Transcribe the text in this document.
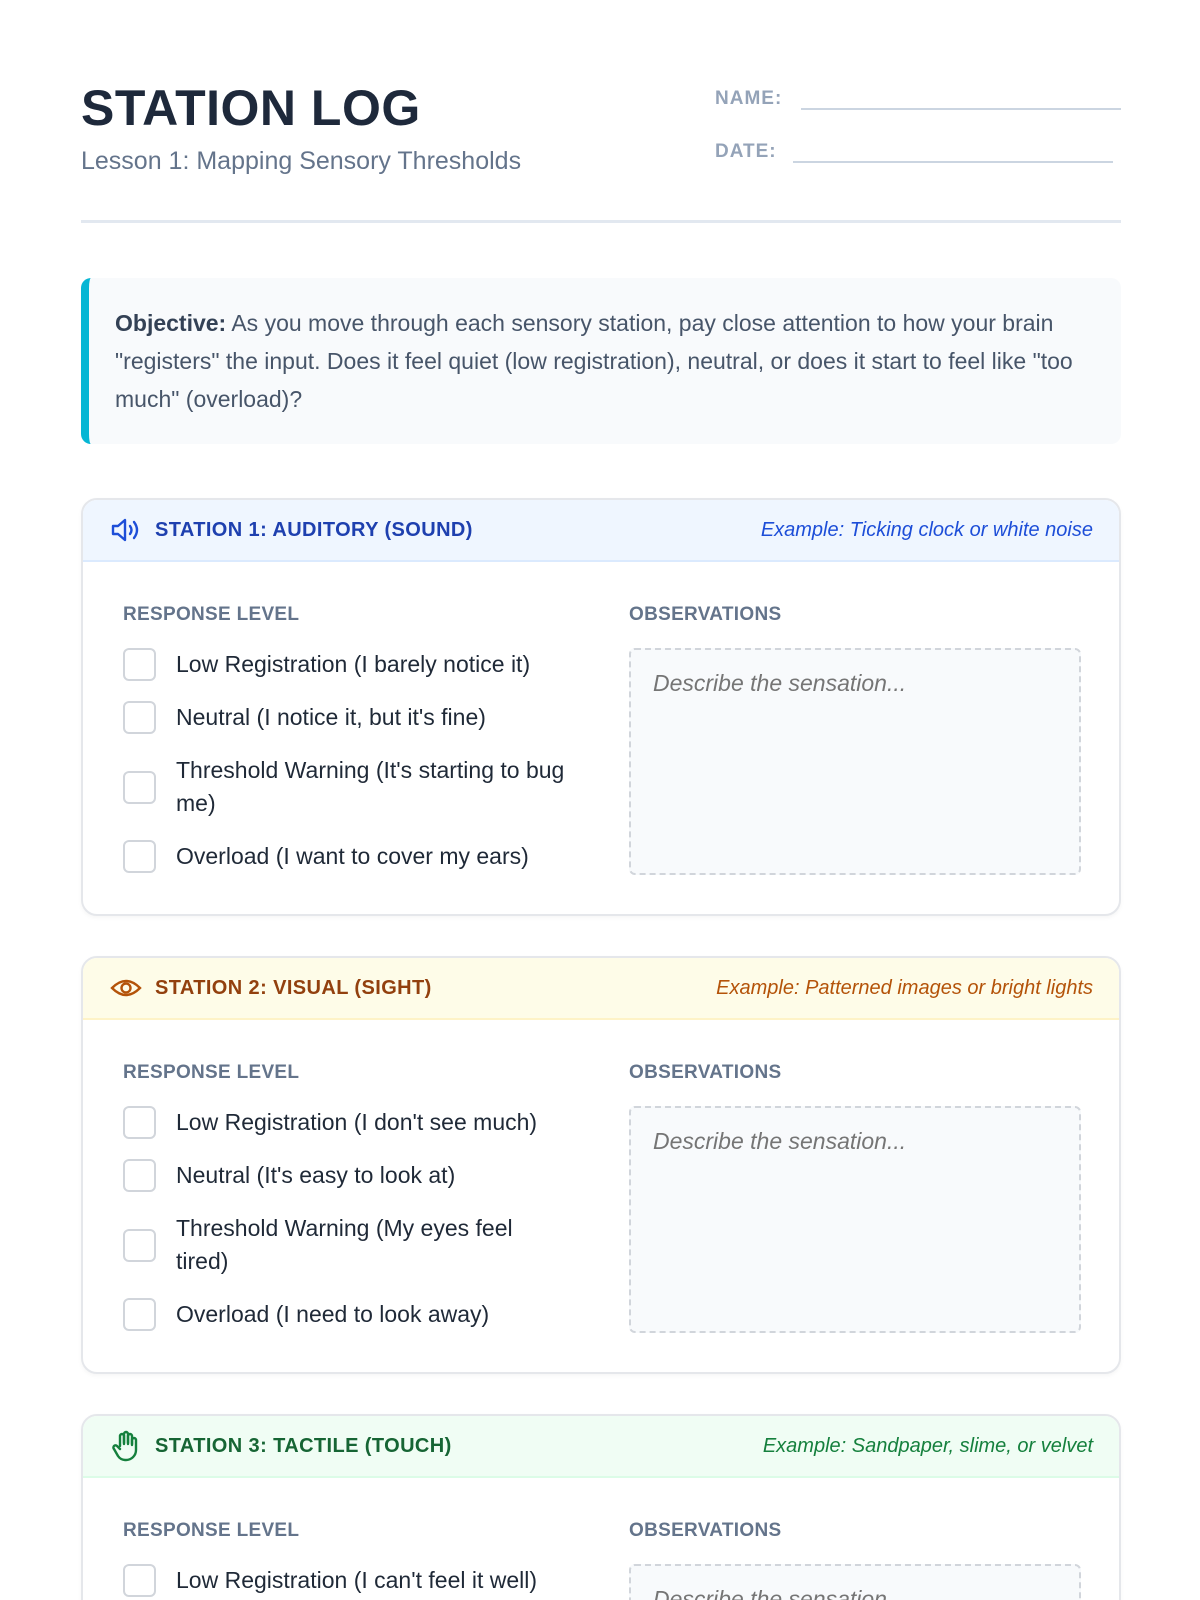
STATION LOG
Lesson 1: Mapping Sensory Thresholds
NAME:
DATE:
Objective: As you move through each sensory station, pay close attention to how your brain "registers" the input. Does it feel quiet (low registration), neutral, or does it start to feel like "too much" (overload)?
STATION 1: AUDITORY (SOUND)	Example: Ticking clock or white noise
RESPONSE LEVEL	OBSERVATIONS
Low Registration (I barely notice it)
Neutral (I notice it, but it's fine)
Threshold Warning (It's starting to bug me)
Overload (I want to cover my ears)
Describe the sensation...
STATION 2: VISUAL (SIGHT)	Example: Patterned images or bright lights
RESPONSE LEVEL	OBSERVATIONS
Low Registration (I don't see much)
Neutral (It's easy to look at)
Threshold Warning (My eyes feel tired)
Overload (I need to look away)
Describe the sensation...
STATION 3: TACTILE (TOUCH)	Example: Sandpaper, slime, or velvet
RESPONSE LEVEL	OBSERVATIONS
Low Registration (I can't feel it well)
Describe the sensation...
